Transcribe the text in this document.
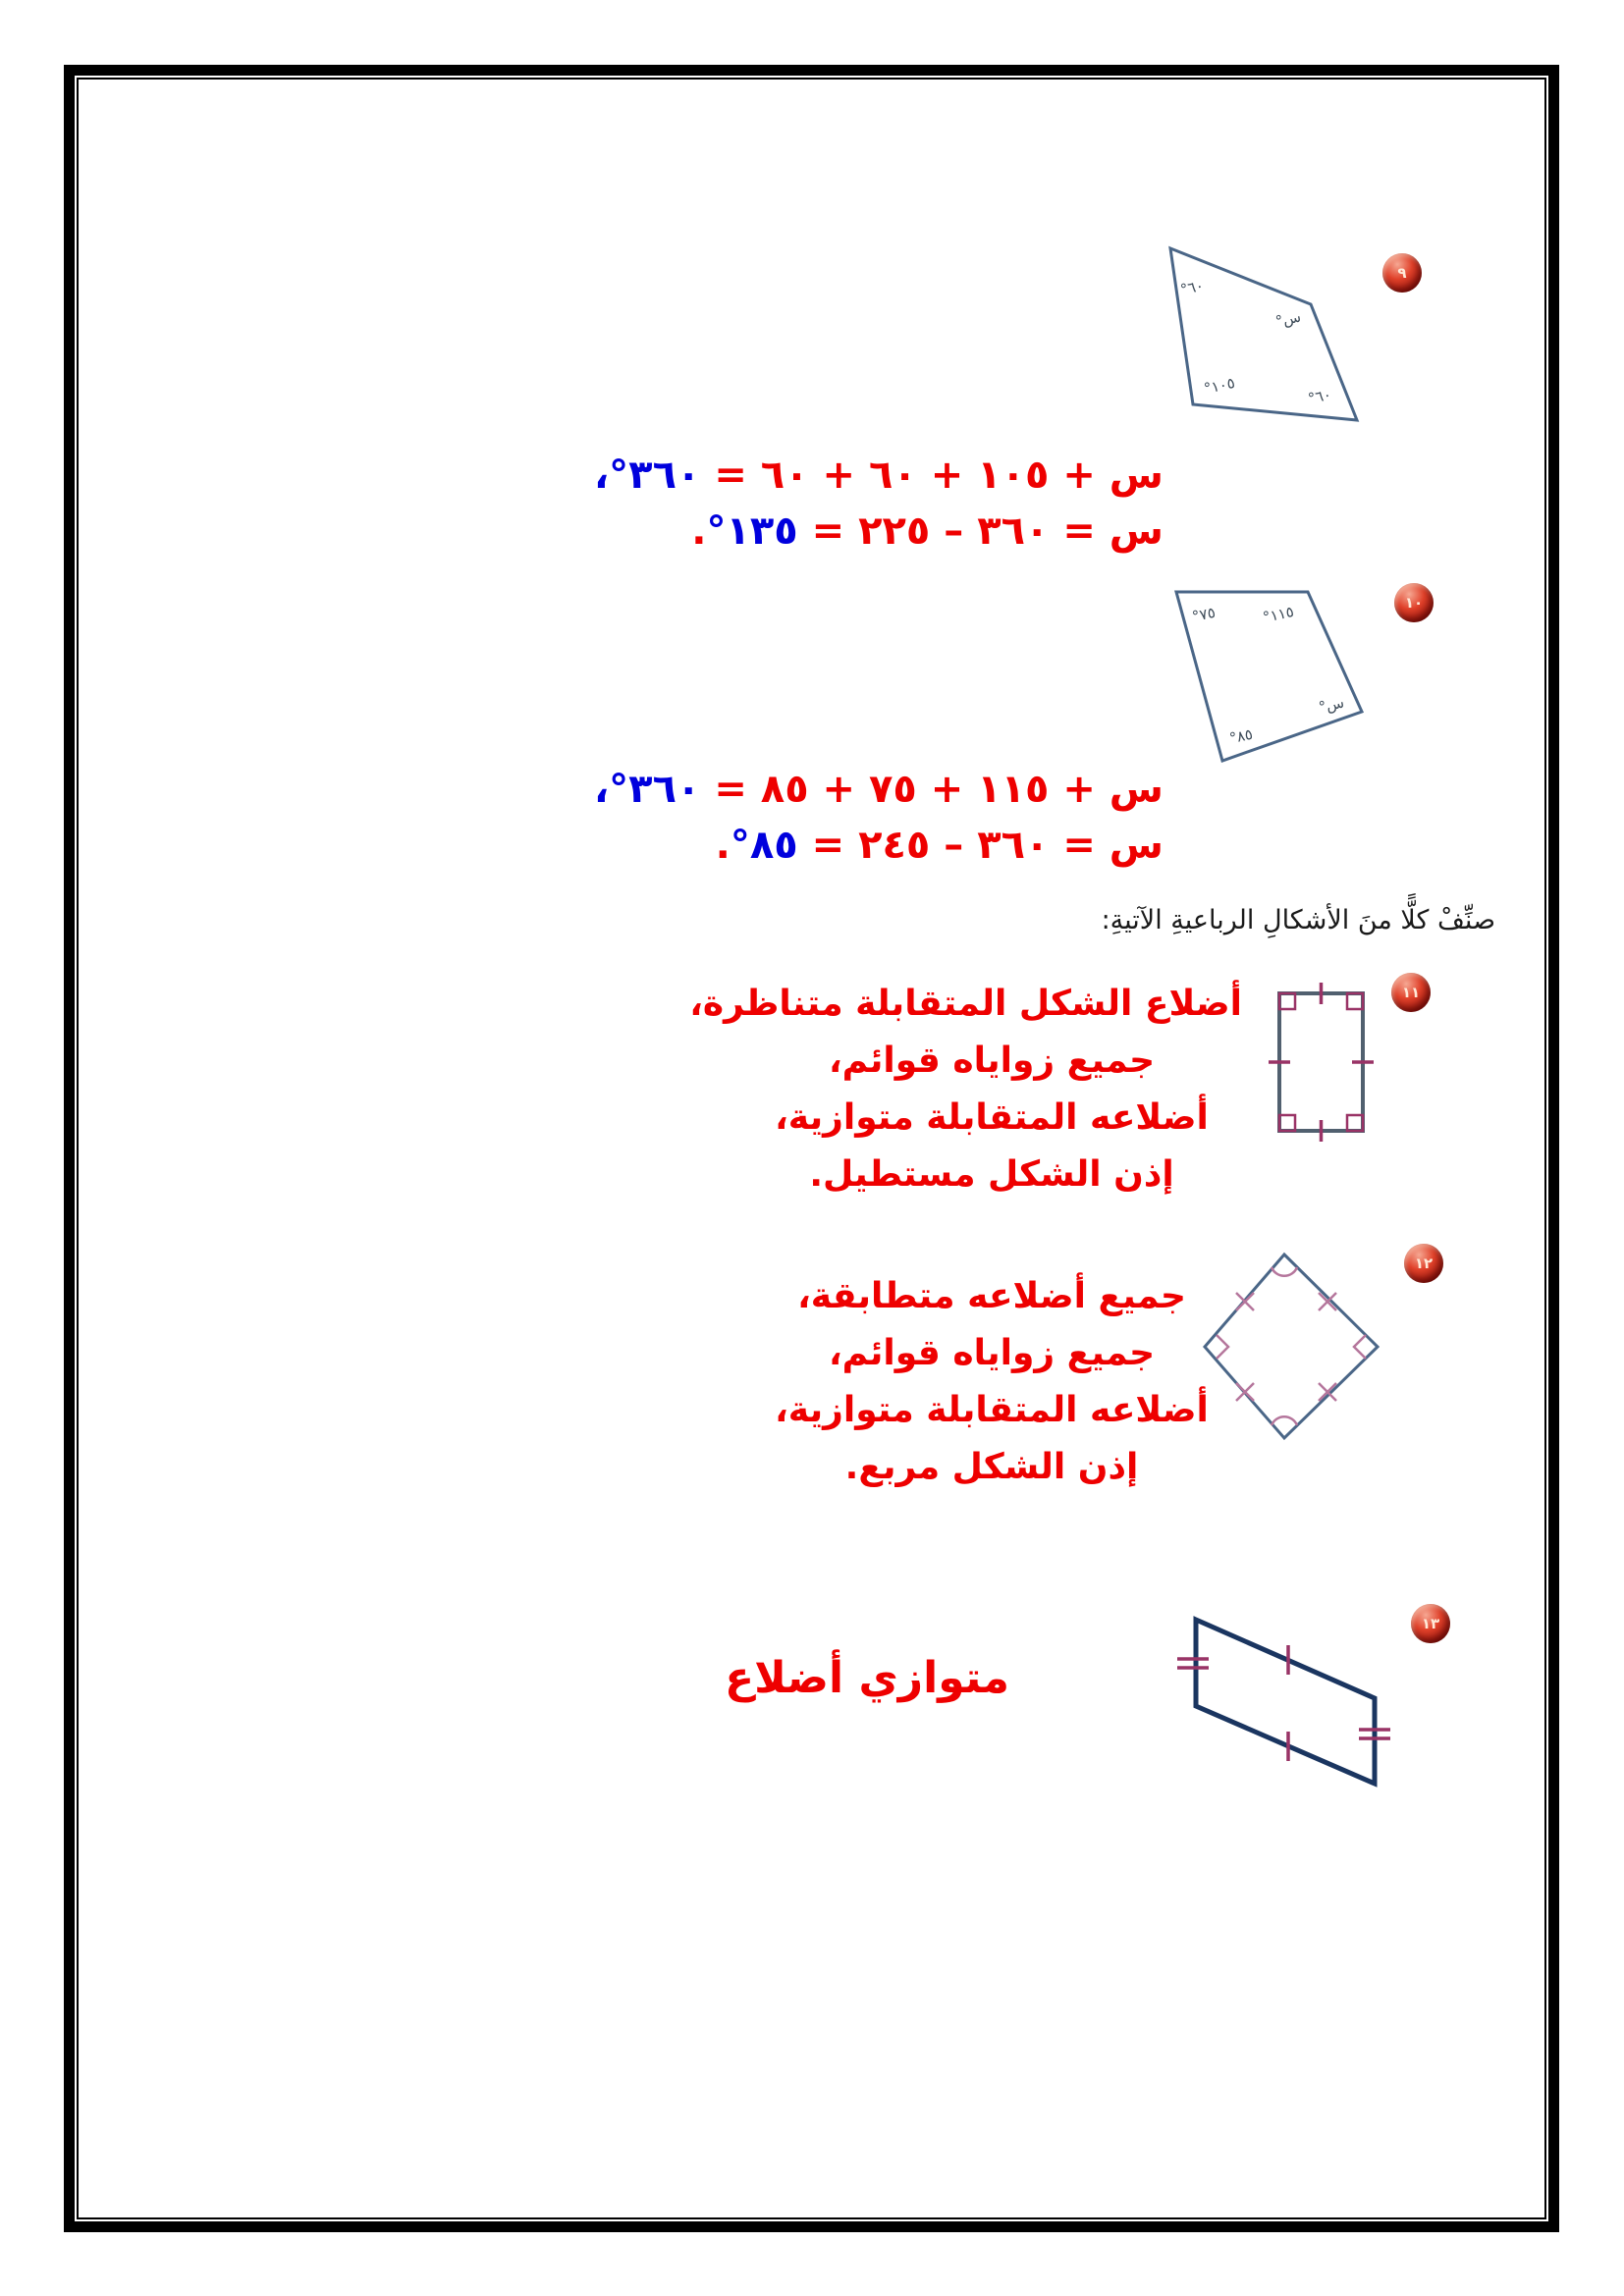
٦٠°
س°
١٠٥°
٦٠°
٩
س + ١٠٥ + ٦٠ + ٦٠ = ٣٦٠°،
س = ٣٦٠ – ٢٢٥ = ١٣٥°.
٧٥°	١١٥°
س°
٨٥°
١٠
س + ١١٥ + ٧٥ + ٨٥ = ٣٦٠°،
س = ٣٦٠ – ٢٤٥ = ٨٥°.
صنِّفْ كلًّا منَ الأشكالِ الرباعيةِ الآتيةِ:
١١
أضلاع الشكل المتقابلة متناظرة،
جميع زواياه قوائم،
أضلاعه المتقابلة متوازية،
إذن الشكل مستطيل.
١٢
جميع أضلاعه متطابقة،
جميع زواياه قوائم،
أضلاعه المتقابلة متوازية،
إذن الشكل مربع.
١٣
متوازي أضلاع
